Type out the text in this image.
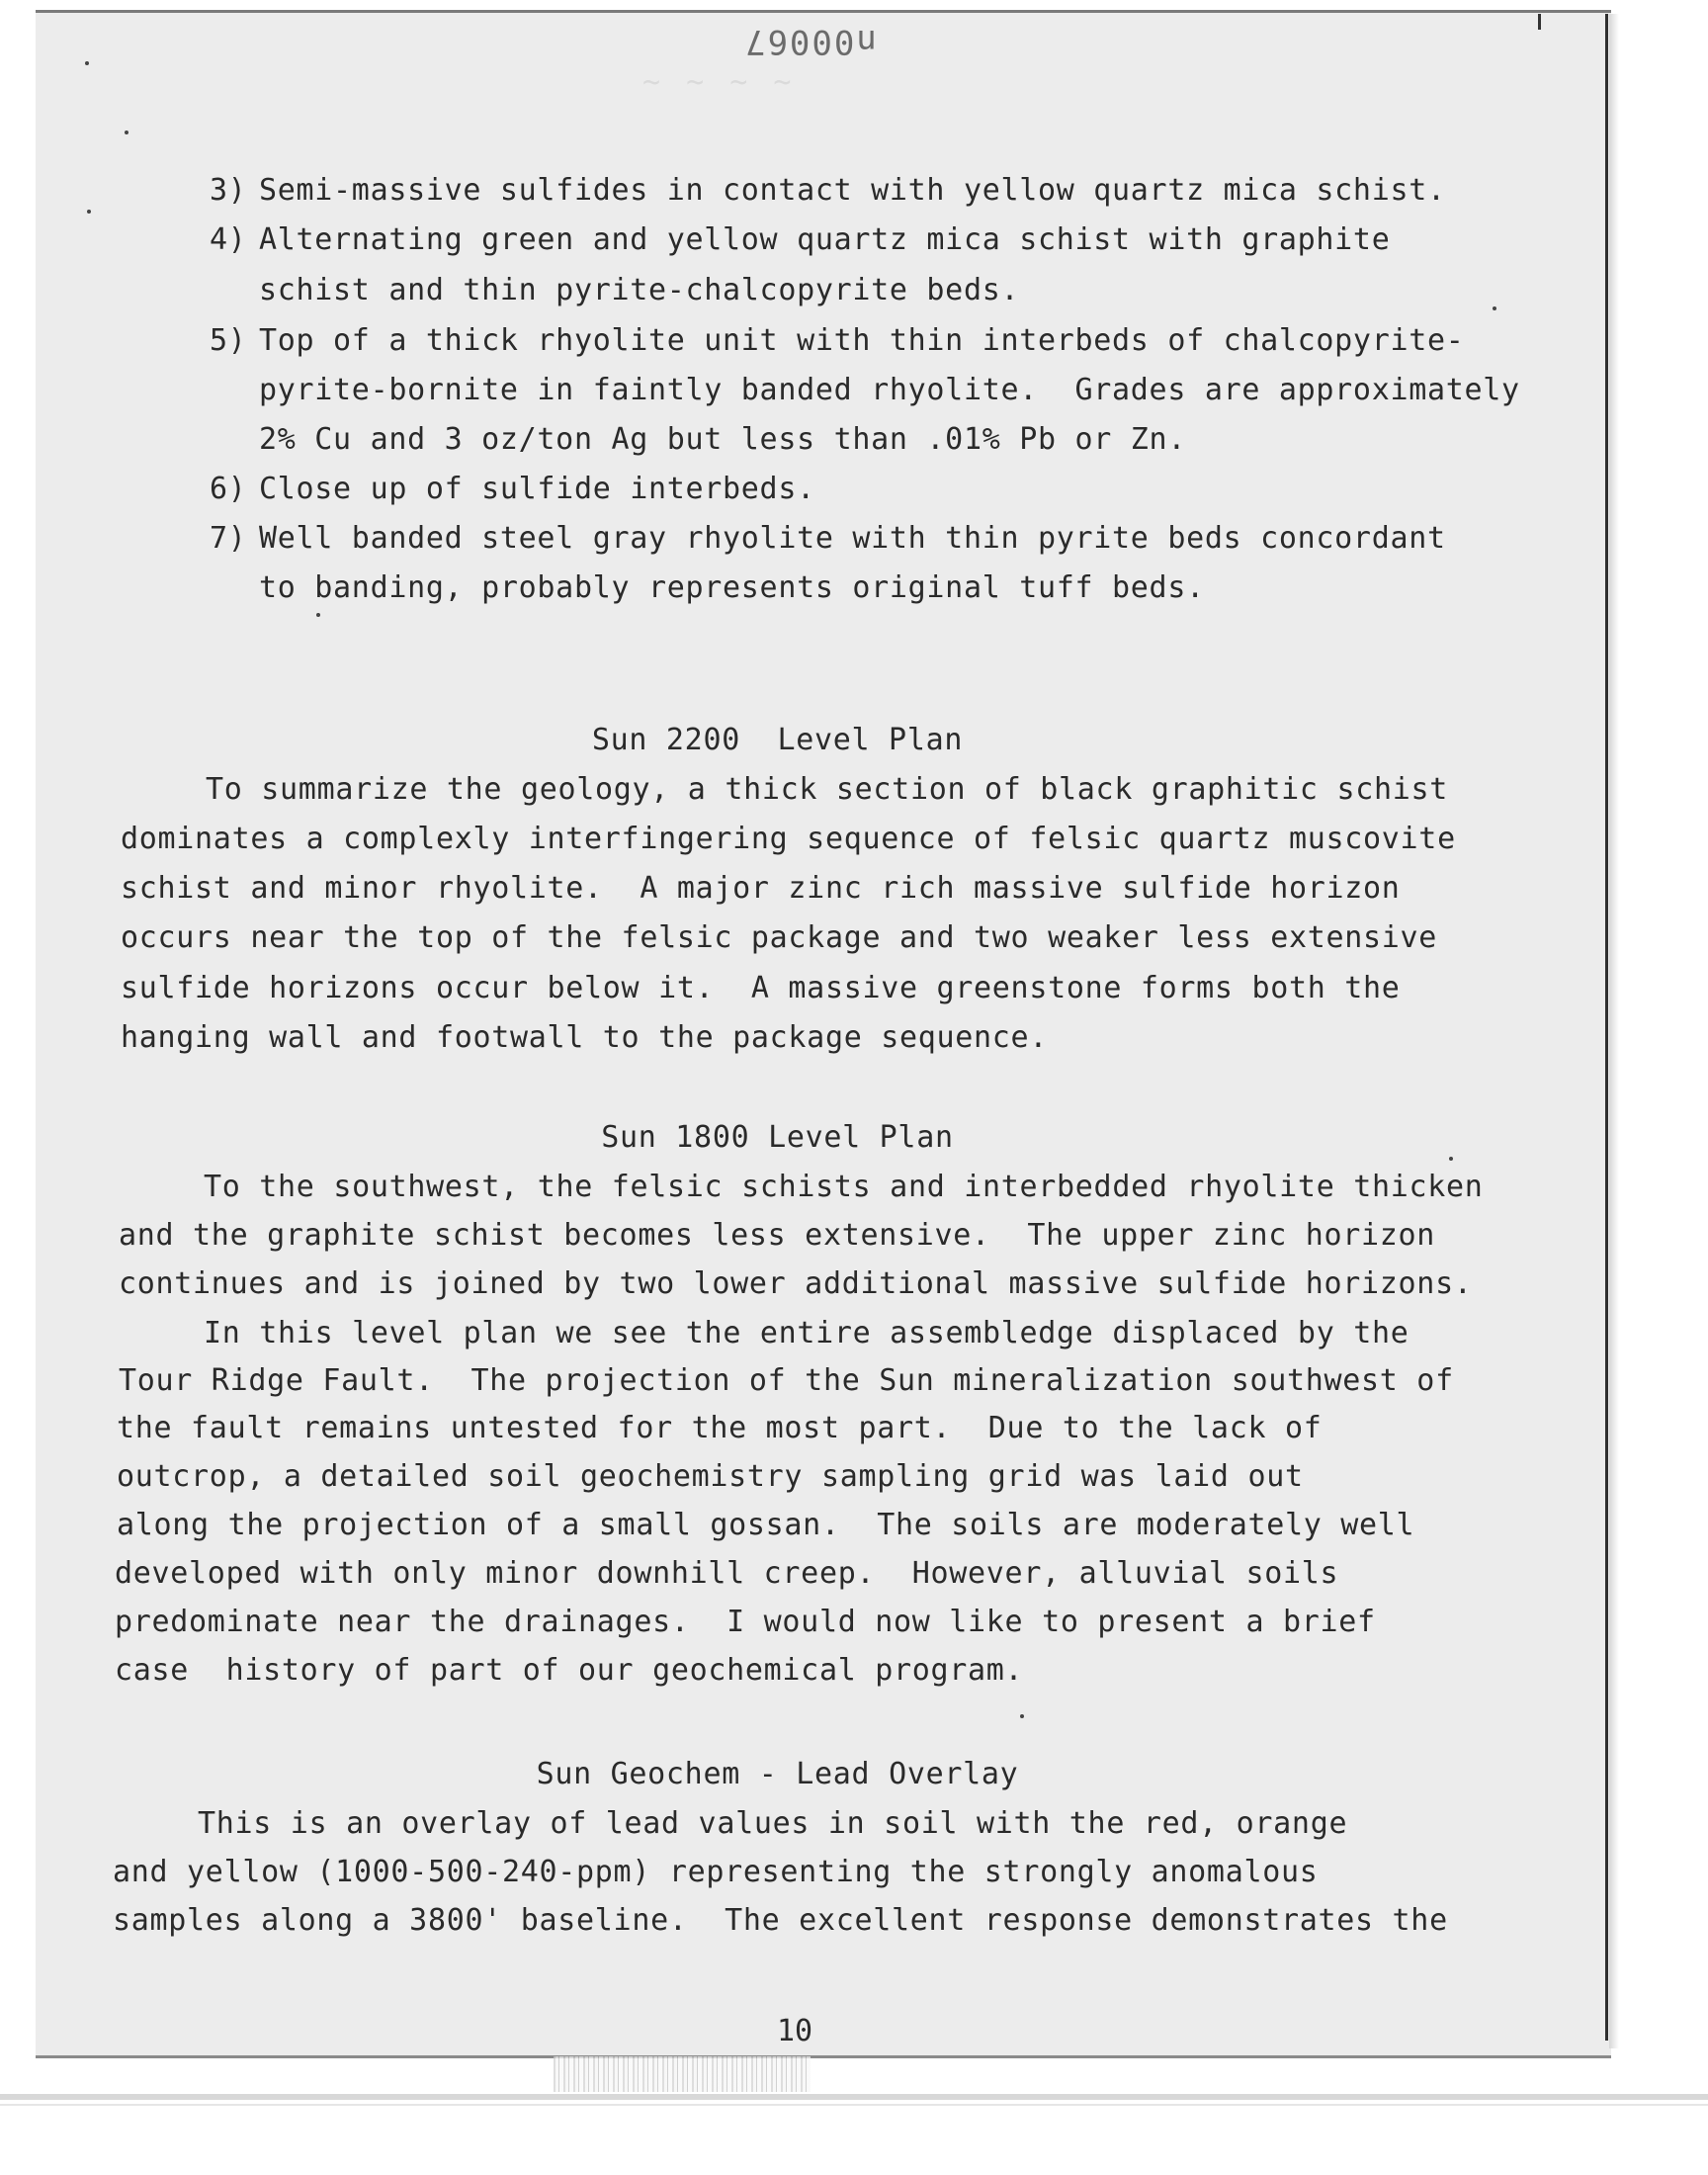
~ ~ ~ ~
n00067
3) Semi-massive sulfides in contact with yellow quartz mica schist.
4) Alternating green and yellow quartz mica schist with graphite
schist and thin pyrite-chalcopyrite beds.
5) Top of a thick rhyolite unit with thin interbeds of chalcopyrite-
pyrite-bornite in faintly banded rhyolite.  Grades are approximately
2% Cu and 3 oz/ton Ag but less than .01% Pb or Zn.
6) Close up of sulfide interbeds.
7) Well banded steel gray rhyolite with thin pyrite beds concordant
to banding, probably represents original tuff beds.
Sun 2200  Level Plan
To summarize the geology, a thick section of black graphitic schist
dominates a complexly interfingering sequence of felsic quartz muscovite
schist and minor rhyolite.  A major zinc rich massive sulfide horizon
occurs near the top of the felsic package and two weaker less extensive
sulfide horizons occur below it.  A massive greenstone forms both the
hanging wall and footwall to the package sequence.
Sun 1800 Level Plan
To the southwest, the felsic schists and interbedded rhyolite thicken
and the graphite schist becomes less extensive.  The upper zinc horizon
continues and is joined by two lower additional massive sulfide horizons.
In this level plan we see the entire assembledge displaced by the
Tour Ridge Fault.  The projection of the Sun mineralization southwest of
the fault remains untested for the most part.  Due to the lack of
outcrop, a detailed soil geochemistry sampling grid was laid out
along the projection of a small gossan.  The soils are moderately well
developed with only minor downhill creep.  However, alluvial soils
predominate near the drainages.  I would now like to present a brief
case  history of part of our geochemical program.
Sun Geochem - Lead Overlay
This is an overlay of lead values in soil with the red, orange
and yellow (1000-500-240-ppm) representing the strongly anomalous
samples along a 3800' baseline.  The excellent response demonstrates the
10
